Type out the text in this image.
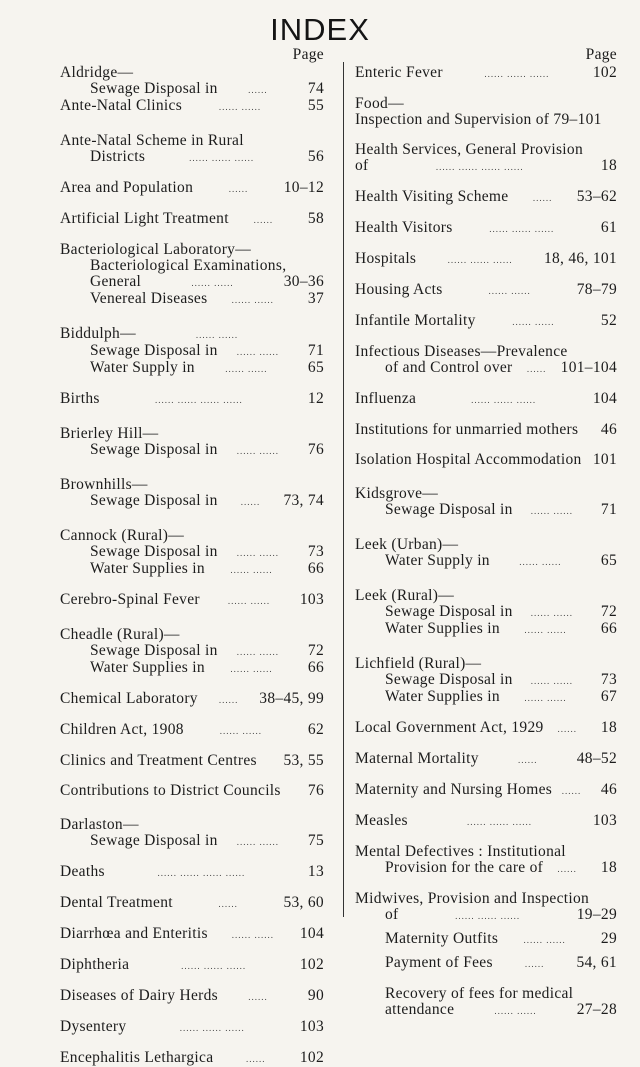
INDEX
Page
Aldridge—
Sewage Disposal in	......	74
Ante-Natal Clinics	...... ......	55
Ante-Natal Scheme in Rural
Districts	...... ...... ......	56
Area and Population	......	10–12
Artificial Light Treatment	......	58
Bacteriological Laboratory—
Bacteriological Examinations,
General	...... ......	30–36
Venereal Diseases	...... ......	37
Biddulph—	...... ......
Sewage Disposal in	...... ......	71
Water Supply in	...... ......	65
Births	...... ...... ...... ......	12
Brierley Hill—
Sewage Disposal in	...... ......	76
Brownhills—
Sewage Disposal in	......	73, 74
Cannock (Rural)—
Sewage Disposal in	...... ......	73
Water Supplies in	...... ......	66
Cerebro-Spinal Fever	...... ......	103
Cheadle (Rural)—
Sewage Disposal in	...... ......	72
Water Supplies in	...... ......	66
Chemical Laboratory	......	38–45, 99
Children Act, 1908	...... ......	62
Clinics and Treatment Centres 53, 55
Contributions to District Councils	76
Darlaston—
Sewage Disposal in	...... ......	75
Deaths	...... ...... ...... ......	13
Dental Treatment	......	53, 60
Diarrhœa and Enteritis	...... ......	104
Diphtheria	...... ...... ......	102
Diseases of Dairy Herds	......	90
Dysentery	...... ...... ......	103
Encephalitis Lethargica	......	102
Page
Enteric Fever	...... ...... ......	102
Food—
Inspection and Supervision of 79–101
Health Services, General Provision
of	...... ...... ...... ......	18
Health Visiting Scheme	......	53–62
Health Visitors	...... ...... ......	61
Hospitals	...... ...... ......	18, 46, 101
Housing Acts	...... ......	78–79
Infantile Mortality	...... ......	52
Infectious Diseases—Prevalence
of and Control over	...... 101–104
Influenza	...... ...... ......	104
Institutions for unmarried mothers	46
Isolation Hospital Accommodation 101
Kidsgrove—
Sewage Disposal in	...... ......	71
Leek (Urban)—
Water Supply in	...... ......	65
Leek (Rural)—
Sewage Disposal in	...... ......	72
Water Supplies in	...... ......	66
Lichfield (Rural)—
Sewage Disposal in	...... ......	73
Water Supplies in	...... ......	67
Local Government Act, 1929	......	18
Maternal Mortality	......	48–52
Maternity and Nursing Homes	......	46
Measles	...... ...... ......	103
Mental Defectives : Institutional
Provision for the care of	......	18
Midwives, Provision and Inspection
of	...... ...... ......	19–29
Maternity Outfits	...... ......	29
Payment of Fees	......	54, 61
Recovery of fees for medical
attendance	...... ......	27–28
